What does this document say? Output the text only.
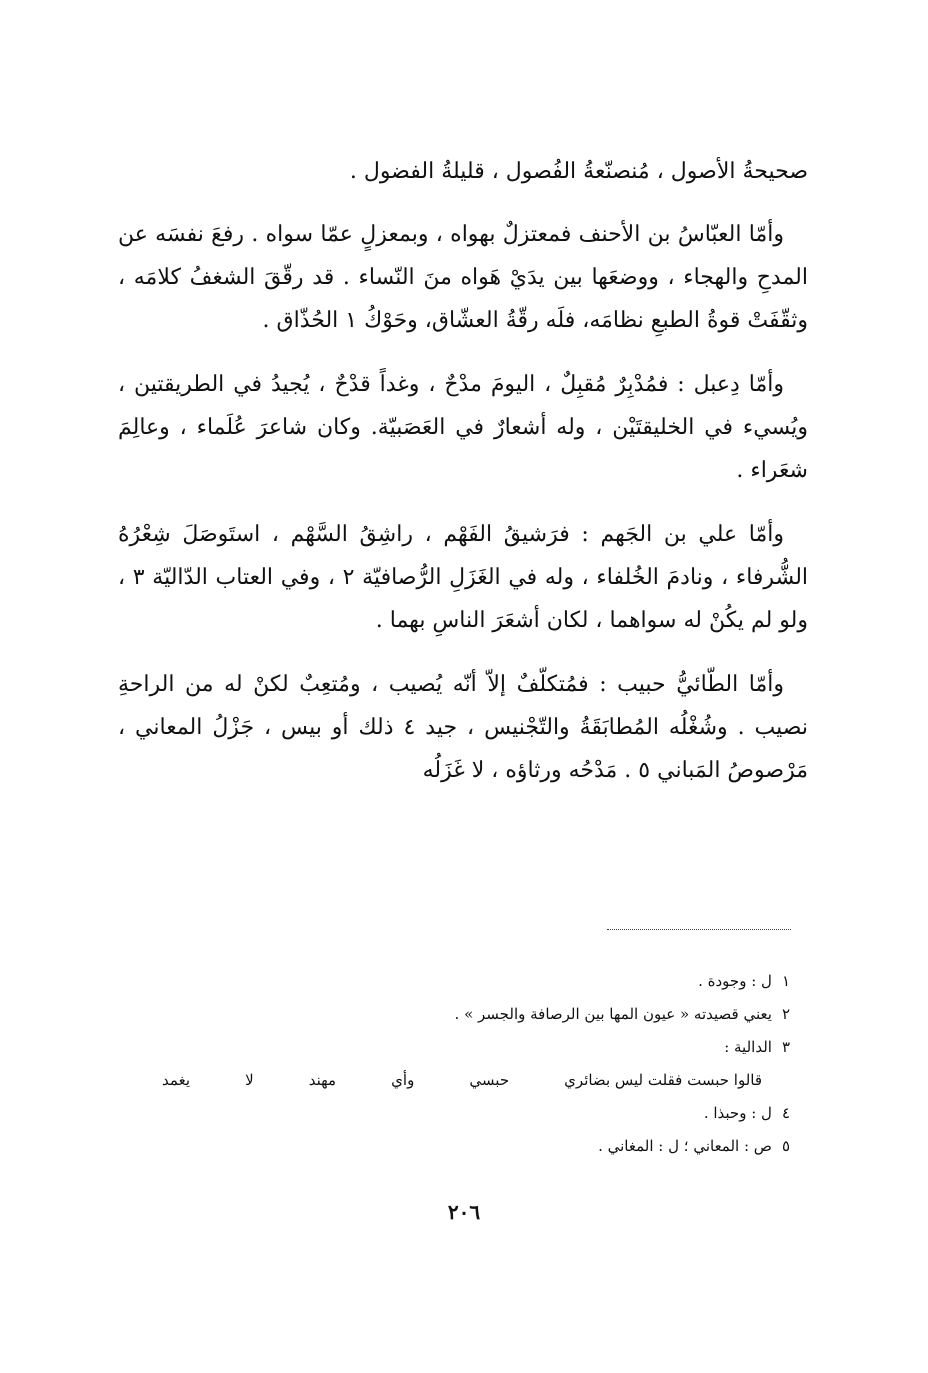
صحيحةُ الأصول ، مُنصنّعةُ الفُصول ، قليلةُ الفضول .

وأمّا العبّاسُ بن الأحنف فمعتزلٌ بهواه ، وبمعزلٍ عمّا سواه . رفعَ نفسَه عن المدحِ والهجاء ، ووضعَها بين يدَيْ هَواه منَ النّساء . قد رقّقَ الشغفُ كلامَه ، وثقّفَتْ قوةُ الطبعِ نظامَه، فلَه رقّةُ العشّاق، وحَوْكُ ١ الحُذّاق .

وأمّا دِعبل : فمُدْبِرٌ مُقبِلٌ ، اليومَ مدْحٌ ، وغداً قدْحٌ ، يُجيدُ في الطريقتين ، ويُسيء في الخليقتَيْن ، وله أشعارٌ في العَصَبيّة. وكان شاعرَ عُلَماء ، وعالِمَ شعَراء .

وأمّا علي بن الجَهم : فرَشيقُ الفَهْم ، راشِقُ السَّهْم ، استَوصَلَ شِعْرُهُ الشُّرفاء ، ونادمَ الخُلفاء ، وله في الغَزَلِ الرُّصافيّة ٢ ، وفي العتاب الدّاليّة ٣ ، ولو لم يكُنْ له سواهما ، لكان أشعَرَ الناسِ بهما .

وأمّا الطّائيُّ حبيب : فمُتكلّفٌ إلاّ أنّه يُصيب ، ومُتعِبٌ لكنْ له من الراحةِ نصيب . وشُغْلُه المُطابَقَةُ والتّجْنيس ، جيد ٤ ذلك أو بيس ، جَزْلُ المعاني ، مَرْصوصُ المَباني ٥ . مَدْحُه ورثاؤه ، لا غَزَلُه

١ل : وجودة .
٢يعني قصيدته « عيون المها بين الرصافة والجسر » .
٣الدالية :
قالوا حبست فقلت ليس بضائري
حبسي
وأي
مهند
لا
يغمد
٤ل : وحبذا .
٥ص : المعاني ؛ ل : المغاني .
٢٠٦
